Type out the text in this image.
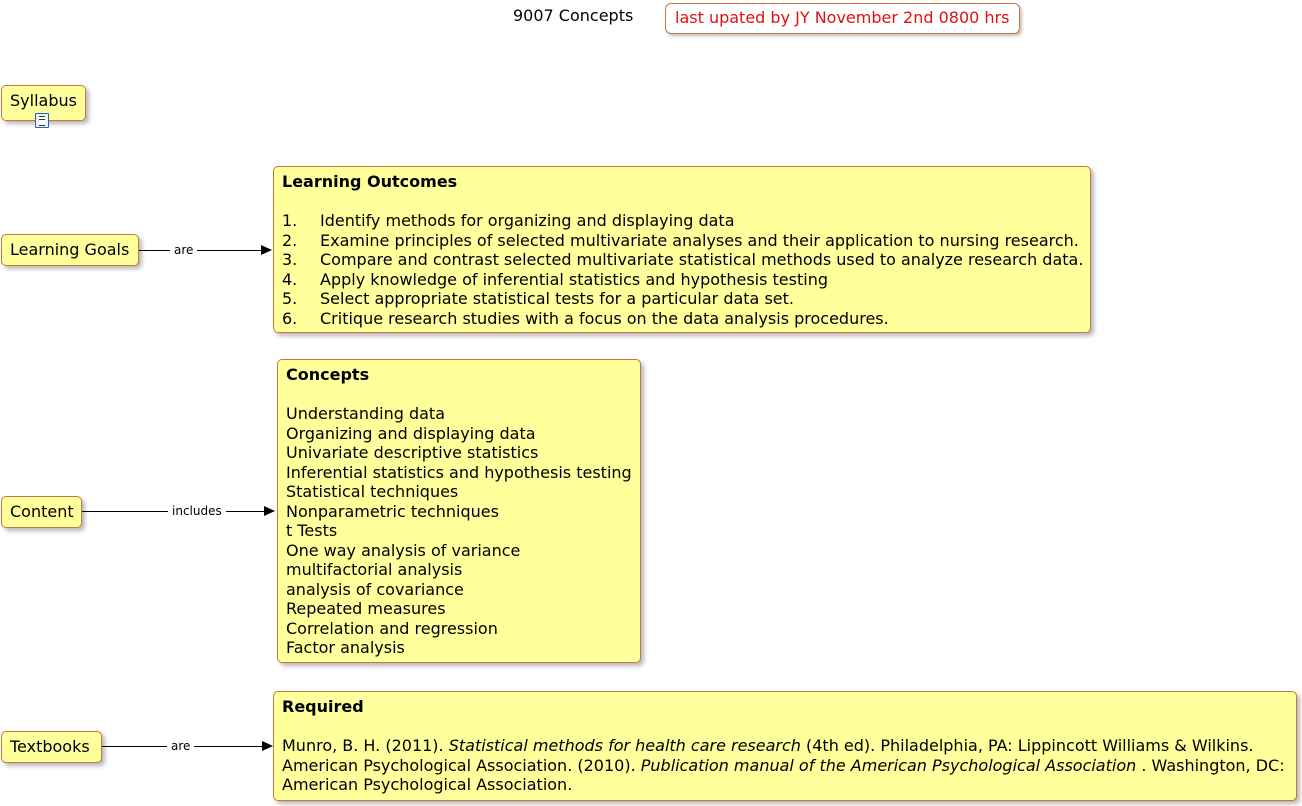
9007 Concepts	last upated by JY November 2nd 0800 hrs
Syllabus
Learning Goals	are
Learning Outcomes
1. Identify methods for organizing and displaying data
2. Examine principles of selected multivariate analyses and their application to nursing research.
3. Compare and contrast selected multivariate statistical methods used to analyze research data.
4. Apply knowledge of inferential statistics and hypothesis testing
5. Select appropriate statistical tests for a particular data set.
6. Critique research studies with a focus on the data analysis procedures.
Content	includes
Concepts
Understanding data
Organizing and displaying data
Univariate descriptive statistics
Inferential statistics and hypothesis testing
Statistical techniques
Nonparametric techniques
t Tests
One way analysis of variance
multifactorial analysis
analysis of covariance
Repeated measures
Correlation and regression
Factor analysis
Textbooks	are
Required
Munro, B. H. (2011). Statistical methods for health care research (4th ed). Philadelphia, PA: Lippincott Williams & Wilkins.
American Psychological Association. (2010). Publication manual of the American Psychological Association . Washington, DC:
American Psychological Association.
